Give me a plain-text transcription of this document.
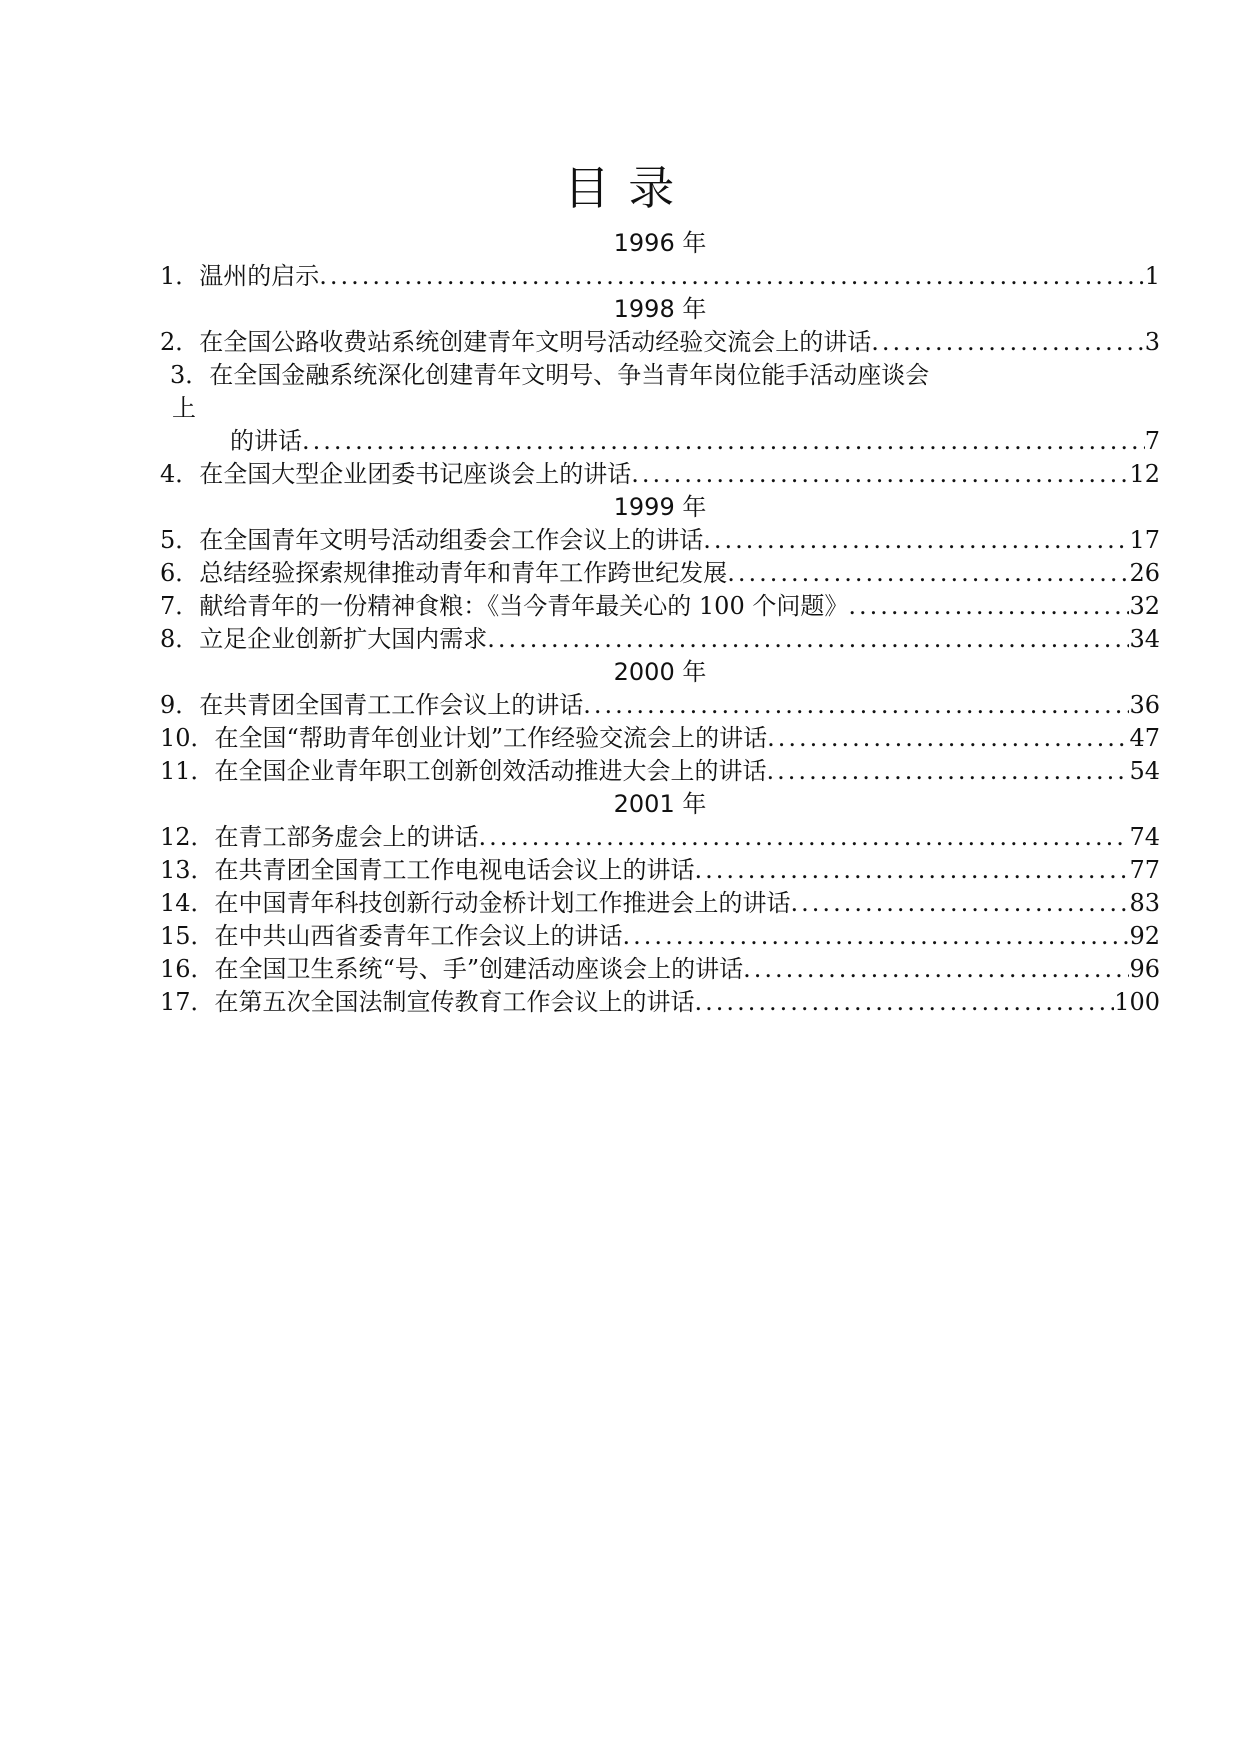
目 录
1996 年
1． 温州的启示 .....	1
1998 年
2． 在全国公路收费站系统创建青年文明号活动经验交流会上的讲话 .....	3
3．在全国金融系统深化创建青年文明号、争当青年岗位能手活动座谈会
上
的讲话 .....	7
4． 在全国大型企业团委书记座谈会上的讲话 .....	12
1999 年
5． 在全国青年文明号活动组委会工作会议上的讲话 .....	17
6． 总结经验探索规律推动青年和青年工作跨世纪发展 .....	26
7． 献给青年的一份精神食粮：《当今青年最关心的 100 个问题》 .....	32
8． 立足企业创新扩大国内需求 .....	34
2000 年
9． 在共青团全国青工工作会议上的讲话 .....	36
10． 在全国“帮助青年创业计划”工作经验交流会上的讲话 .....	47
11． 在全国企业青年职工创新创效活动推进大会上的讲话 .....	54
2001 年
12． 在青工部务虚会上的讲话 .....	74
13． 在共青团全国青工工作电视电话会议上的讲话 .....	77
14． 在中国青年科技创新行动金桥计划工作推进会上的讲话 .....	83
15． 在中共山西省委青年工作会议上的讲话 .....	92
16． 在全国卫生系统“号、手”创建活动座谈会上的讲话 .....	96
17． 在第五次全国法制宣传教育工作会议上的讲话 .....	100
